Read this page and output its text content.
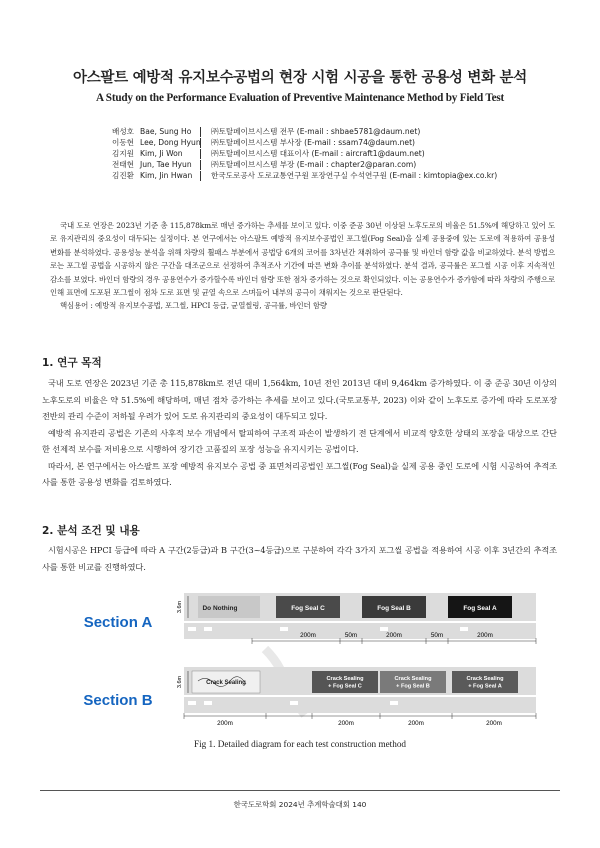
아스팔트 예방적 유지보수공법의 현장 시험 시공을 통한 공용성 변화 분석
A Study on the Performance Evaluation of Preventive Maintenance Method by Field Test
배성호 Bae, Sung Ho	㈜토탈페이브시스템 전무 (E-mail : shbae5781@daum.net)
이동현 Lee, Dong Hyun ㈜토탈페이브시스템 부사장 (E-mail : ssam74@daum.net)
김지원 Kim, Ji Won	㈜토탈페이브시스템 대표이사 (E-mail : aircraft1@daum.net)
전태현 Jun, Tae Hyun	㈜토탈페이브시스템 부장 (E-mail : chapter2@paran.com)
김진환 Kim, Jin Hwan	한국도로공사 도로교통연구원 포장연구실 수석연구원 (E-mail : kimtopia@ex.co.kr)

국내 도로 연장은 2023년 기준 총 115,878km로 매년 증가하는 추세를 보이고 있다. 이중 준공 30년 이상된 노후도로의 비율은 51.5%에 해당하고 있어 도로 유지관리의 중요성이 대두되는 실정이다. 본 연구에서는 아스팔트 예방적 유지보수공법인 포그씰(Fog Seal)을 실제 공용중에 있는 도로에 적용하여 공용성 변화를 분석하였다. 공용성능 분석을 위해 차량의 휠패스 부분에서 공법당 6개의 코어를 3차년간 채취하여 공극률 및 바인더 함량 값을 비교하였다. 분석 방법으로는 포그씰 공법을 시공하지 않은 구간을 대조군으로 선정하여 추적조사 기간에 따른 변화 추이를 분석하였다. 분석 결과, 공극률은 포그씰 시공 이후 지속적인 감소를 보였다. 바인더 함량의 경우 공용연수가 증가할수록 바인더 함량 또한 점차 증가하는 것으로 확인되었다. 이는 공용연수가 증가함에 따라 차량의 주행으로 인해 표면에 도포된 포그씰이 점차 도로 표면 및 균열 속으로 스며들어 내부의 공극이 채워지는 것으로 판단된다.

핵심용어 : 예방적 유지보수공법, 포그씰, HPCI 등급, 균열씰링, 공극률, 바인더 함량

1. 연구 목적

국내 도로 연장은 2023년 기준 총 115,878km로 전년 대비 1,564km, 10년 전인 2013년 대비 9,464km 증가하였다. 이 중 준공 30년 이상의 노후도로의 비율은 약 51.5%에 해당하며, 매년 점차 증가하는 추세를 보이고 있다.(국토교통부, 2023) 이와 같이 노후도로 증가에 따라 도로포장 전반의 관리 수준이 저하될 우려가 있어 도로 유지관리의 중요성이 대두되고 있다.

예방적 유지관리 공법은 기존의 사후적 보수 개념에서 탈피하여 구조적 파손이 발생하기 전 단계에서 비교적 양호한 상태의 포장을 대상으로 간단한 선제적 보수를 저비용으로 시행하여 장기간 고품질의 포장 성능을 유지시키는 공법이다.

따라서, 본 연구에서는 아스팔트 포장 예방적 유지보수 공법 중 표면처리공법인 포그씰(Fog Seal)을 실제 공용 중인 도로에 시험 시공하여 추적조사를 통한 공용성 변화를 검토하였다.

2. 분석 조건 및 내용

시험시공은 HPCI 등급에 따라 A 구간(2등급)과 B 구간(3~4등급)으로 구분하여 각각 3가지 포그씰 공법을 적용하여 시공 이후 3년간의 추적조사를 통한 비교를 진행하였다.

Section A
Section B
Do Nothing	Fog Seal C	Fog Seal B	Fog Seal A
3.6m
200m	50m	200m	50m	200m
Crack Sealing
Crack Sealing + Fog Seal C
Crack Sealing + Fog Seal B
Crack Sealing + Fog Seal A
3.6m
200m	200m	200m	200m
Fig 1. Detailed diagram for each test construction method
한국도로학회 2024년 추계학술대회 140
